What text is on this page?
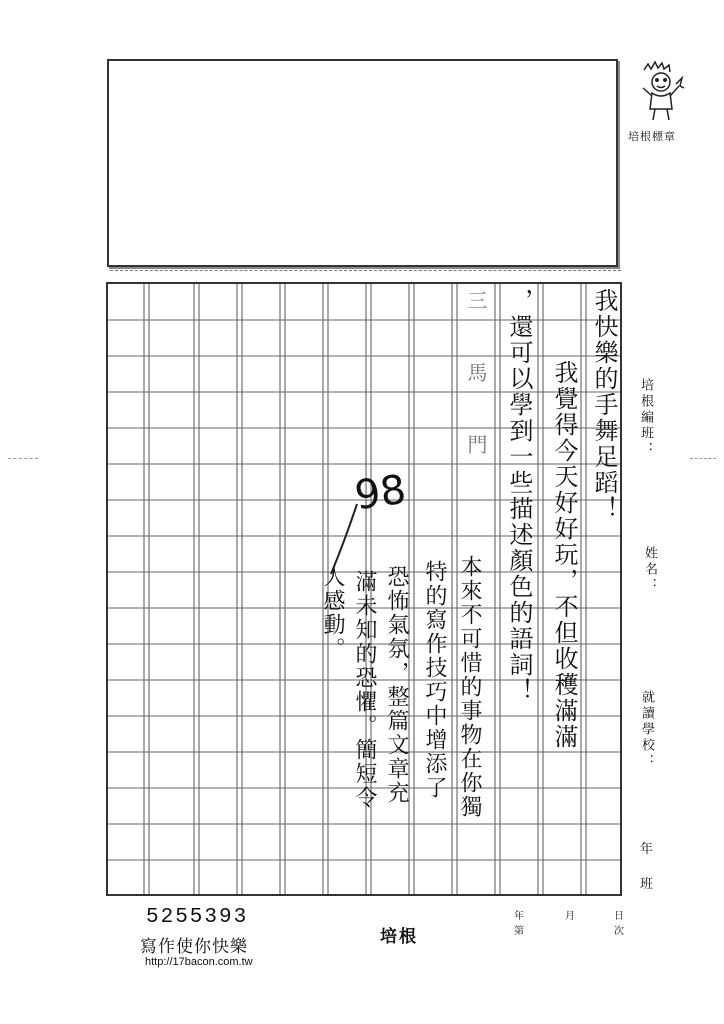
培根標章
三 馬 門	我快樂的手舞足蹈！
我覺得今天好好玩，不但收穫滿滿
，還可以學到一些描述顏色的語詞！
本來不可惜的事物在你獨
特的寫作技巧中增添了
恐怖氣氛，整篇文章充
滿未知的恐懼。簡短令
人感動。
98
培根編班：
姓名：
就讀學校：
年
班
年	月	日
第	次
5255393
寫作使你快樂
http://17bacon.com.tw
培根
